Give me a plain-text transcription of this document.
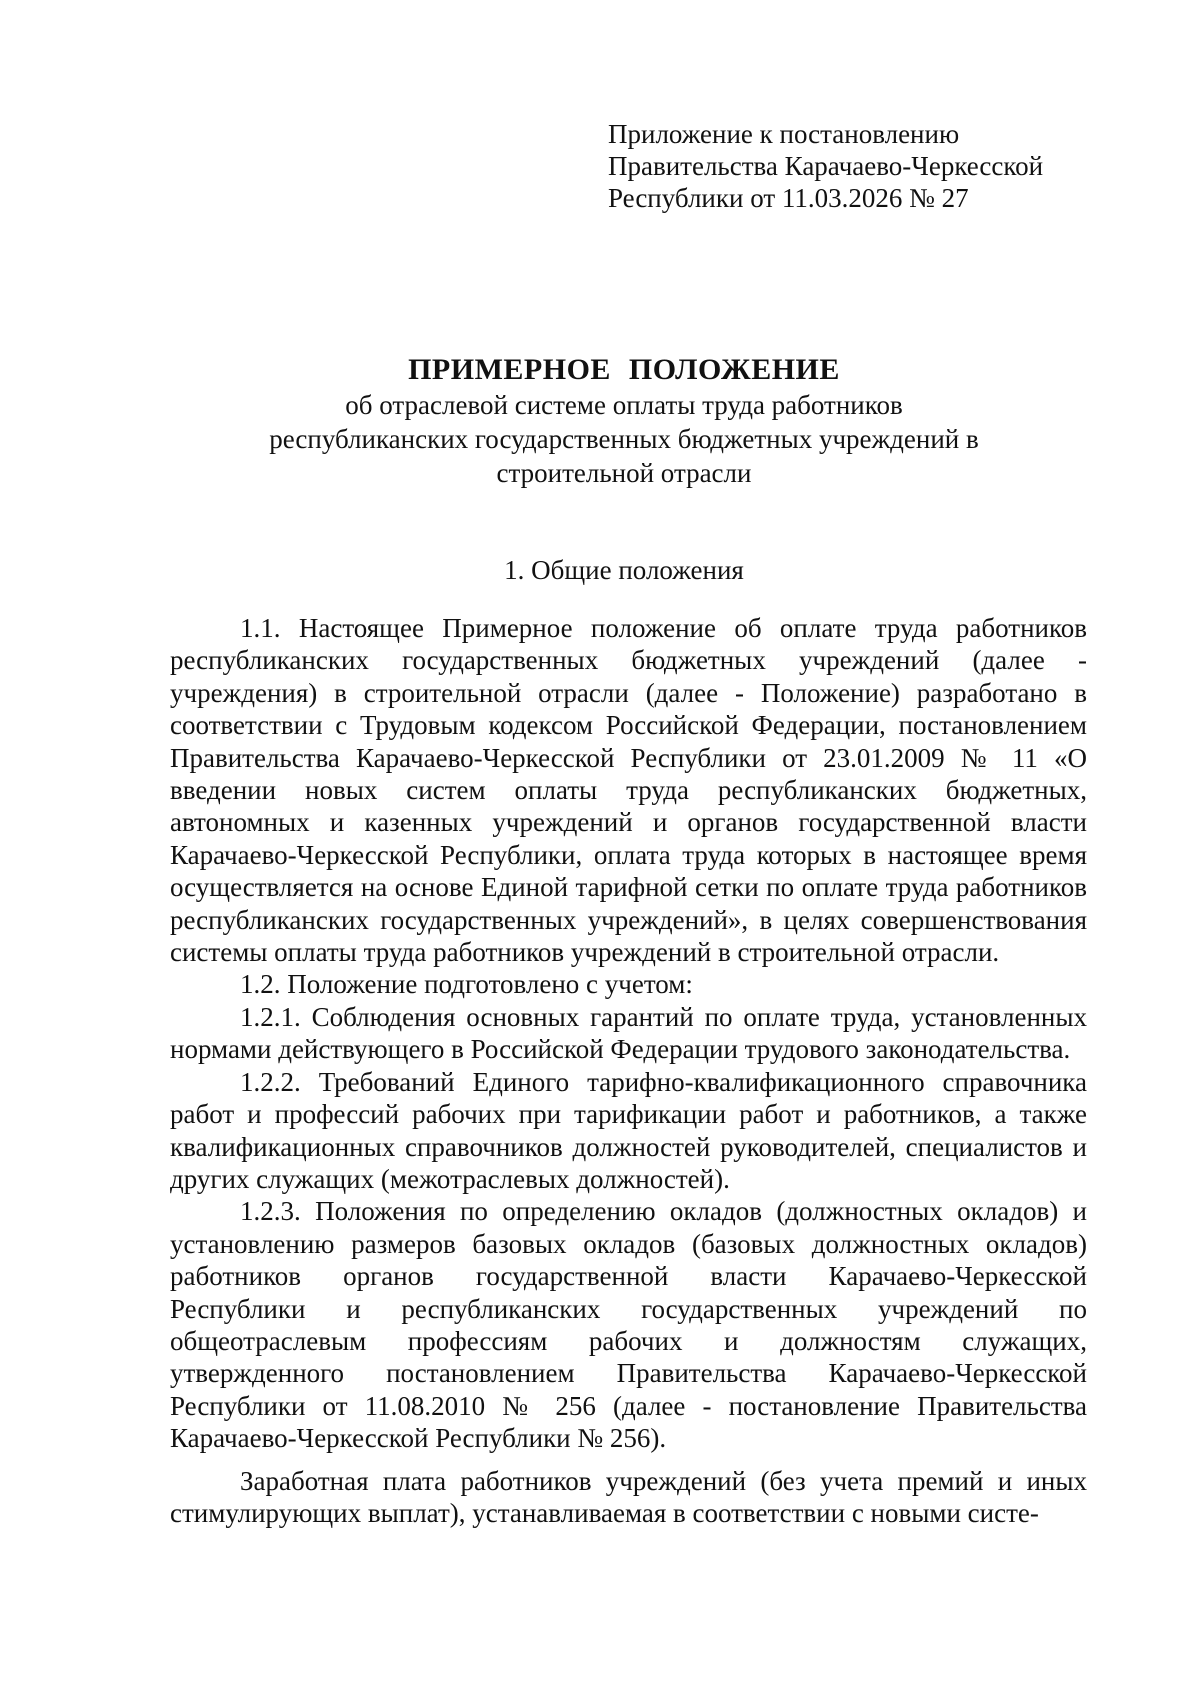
Приложение к постановлению
Правительства Карачаево-Черкесской
Республики от 11.03.2026 № 27
ПРИМЕРНОЕ ПОЛОЖЕНИЕ
об отраслевой системе оплаты труда работников
республиканских государственных бюджетных учреждений в
строительной отрасли
1. Общие положения

1.1. Настоящее Примерное положение об оплате труда работников республиканских государственных бюджетных учреждений (далее - учреждения) в строительной отрасли (далее - Положение) разработано в соответствии с Трудовым кодексом Российской Федерации, постановлением Правительства Карачаево-Черкесской Республики от 23.01.2009 № 11 «О введении новых систем оплаты труда республиканских бюджетных, автономных и казенных учреждений и органов государственной власти Карачаево-Черкесской Республики, оплата труда которых в настоящее время осуществляется на основе Единой тарифной сетки по оплате труда работников республиканских государственных учреждений», в целях совершенствования системы оплаты труда работников учреждений в строительной отрасли.

1.2. Положение подготовлено с учетом:

1.2.1. Соблюдения основных гарантий по оплате труда, установленных нормами действующего в Российской Федерации трудового законодательства.

1.2.2. Требований Единого тарифно-квалификационного справочника работ и профессий рабочих при тарификации работ и работников, а также квалификационных справочников должностей руководителей, специалистов и других служащих (межотраслевых должностей).

1.2.3. Положения по определению окладов (должностных окладов) и установлению размеров базовых окладов (базовых должностных окладов) работников органов государственной власти Карачаево-Черкесской Республики и республиканских государственных учреждений по общеотраслевым профессиям рабочих и должностям служащих, утвержденного постановлением Правительства Карачаево-Черкесской Республики от 11.08.2010 № 256 (далее - постановление Правительства Карачаево-Черкесской Республики № 256).

Заработная плата работников учреждений (без учета премий и иных стимулирующих выплат), устанавливаемая в соответствии с новыми систе-
